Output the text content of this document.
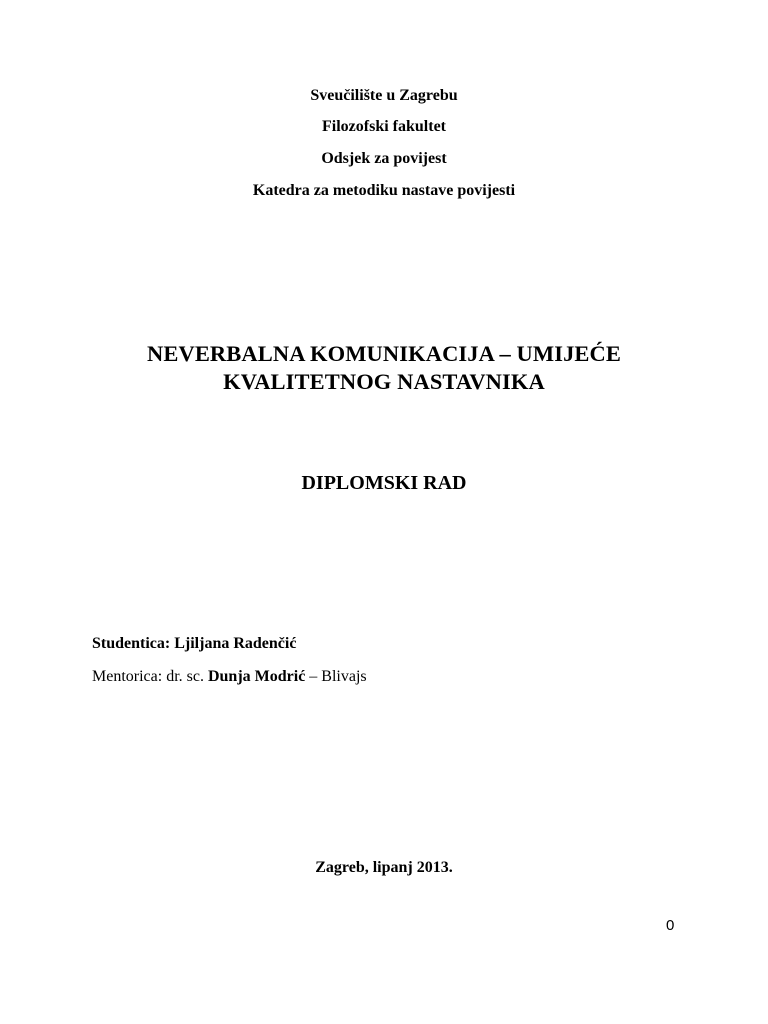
Sveučilište u Zagrebu
Filozofski fakultet
Odsjek za povijest
Katedra za metodiku nastave povijesti
NEVERBALNA KOMUNIKACIJA – UMIJEĆE
KVALITETNOG NASTAVNIKA
DIPLOMSKI RAD
Studentica: Ljiljana Radenčić
Mentorica: dr. sc. Dunja Modrić – Blivajs
Zagreb, lipanj 2013.
0
